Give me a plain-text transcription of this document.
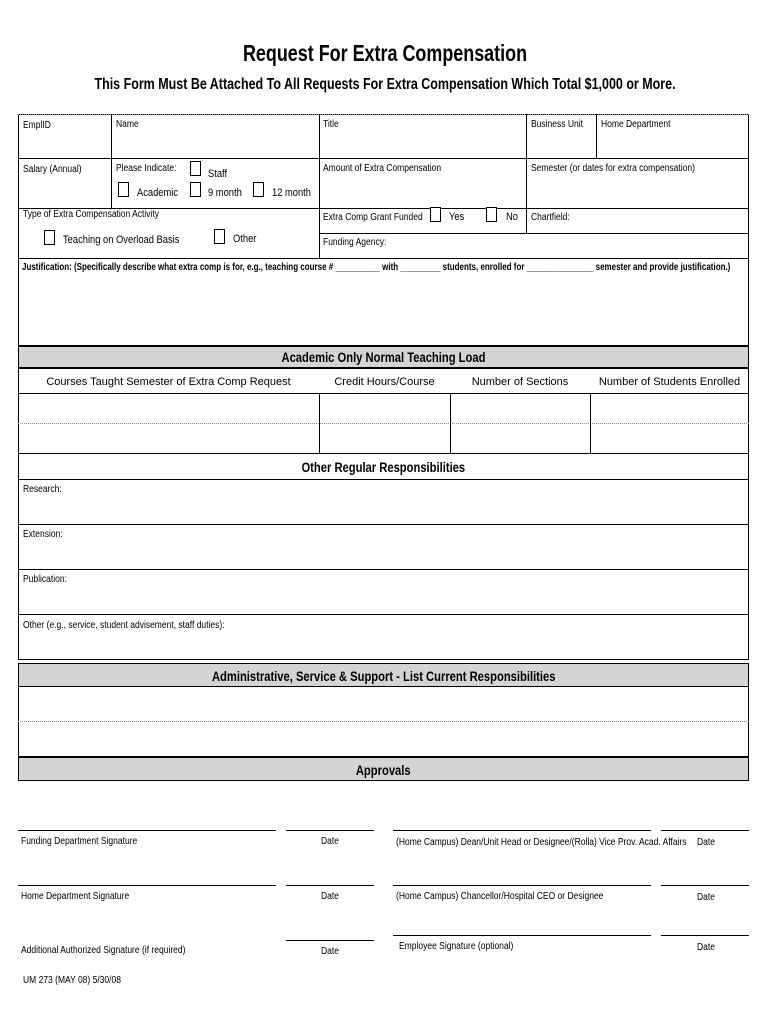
Request For Extra Compensation
This Form Must Be Attached To All Requests For Extra Compensation Which Total $1,000 or More.
EmplID	Name	Title	Business Unit Home Department
Salary (Annual)	Please Indicate:	Staff
Academic	9 month	12 month
Amount of Extra Compensation	Semester (or dates for extra compensation)
Type of Extra Compensation Activity
Teaching on Overload Basis	Other
Extra Comp Grant Funded Yes	No Chartfield:
Funding Agency:
Justification: (Specifically describe what extra comp is for, e.g., teaching course # __________ with _________ students, enrolled for _______________ semester and provide justification.)
Academic Only Normal Teaching Load
Courses Taught Semester of Extra Comp Request	Credit Hours/Course	Number of Sections	Number of Students Enrolled
Other Regular Responsibilities
Research:
Extension:
Publication:
Other (e.g., service, student advisement, staff duties):
Administrative, Service & Support - List Current Responsibilities
Approvals
Funding Department Signature	Date	(Home Campus) Dean/Unit Head or Designee/(Rolla) Vice Prov. Acad. Affairs Date
Home Department Signature	Date	(Home Campus) Chancellor/Hospital CEO or Designee	Date
Additional Authorized Signature (if required)	Date	Employee Signature (optional)	Date
UM 273 (MAY 08) 5/30/08
